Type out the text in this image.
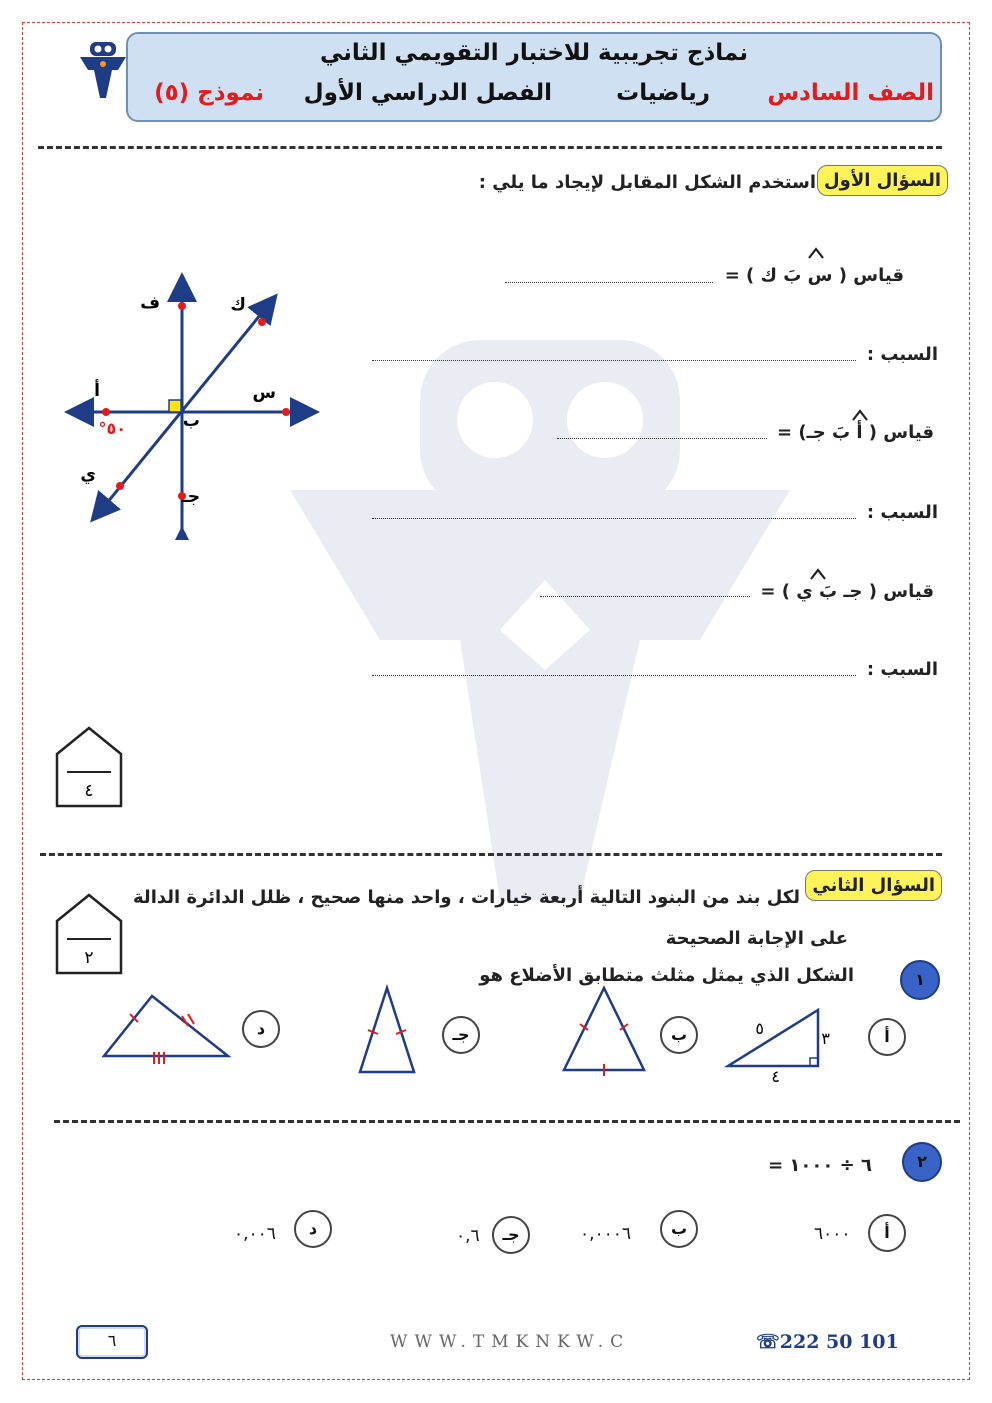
نماذج تجريبية للاختبار التقويمي الثاني
الصف السادس
رياضيات
الفصل الدراسي الأول
نموذج (٥)
السؤال الأول
استخدم الشكل المقابل لإيجاد ما يلي :
قياس ( س بَ ك ) =
السبب :
قياس ( أ بَ جـ) =
السبب :
قياس ( جـ بَ ي ) =
السبب :
ف	ك
أ	س
ب
ي
جـ
٥٠°
٤
السؤال الثاني
لكل بند من البنود التالية أربعة خيارات ، واحد منها صحيح ، ظلل الدائرة الدالة
على الإجابة الصحيحة
٢
١
الشكل الذي يمثل مثلث متطابق الأضلاع هو
أ
٥
٣
٤
ب
جـ
د
٢
٦ ÷ ١٠٠٠ =
أ
٦٠٠٠
ب
٠,٠٠٠٦
جـ
٠,٦
د
٠,٠٠٦
٦	WWW.TMKNKW.C	☏222 50 101
